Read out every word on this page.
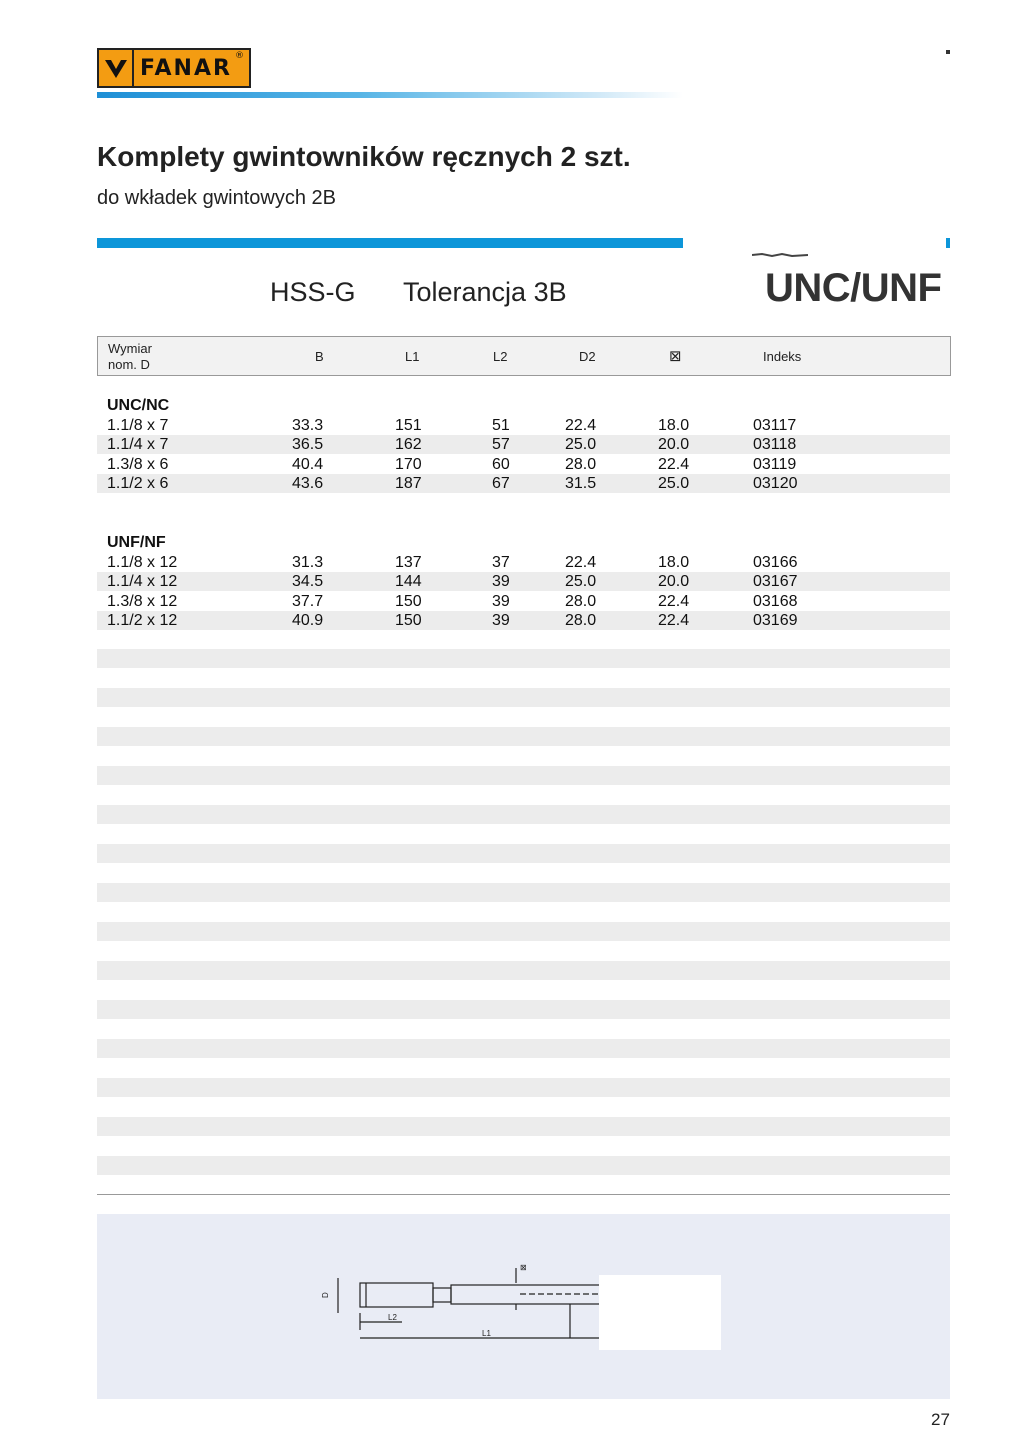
FANAR ®
Komplety gwintowników ręcznych 2 szt.
do wkładek gwintowych 2B
HSS-G Tolerancja 3B	UNC/UNF
Wymiar
nom. D
B	L1	L2	D2	⊠	Indeks
UNC/NC
1.1/8 x 7	33.3	151	51	22.4	18.0	03117
1.1/4 x 7	36.5	162	57	25.0	20.0	03118
1.3/8 x 6	40.4	170	60	28.0	22.4	03119
1.1/2 x 6	43.6	187	67	31.5	25.0	03120
UNF/NF
1.1/8 x 12	31.3	137	37	22.4	18.0	03166
1.1/4 x 12	34.5	144	39	25.0	20.0	03167
1.3/8 x 12	37.7	150	39	28.0	22.4	03168
1.1/2 x 12	40.9	150	39	28.0	22.4	03169
D
L2
L1
⊠
27
